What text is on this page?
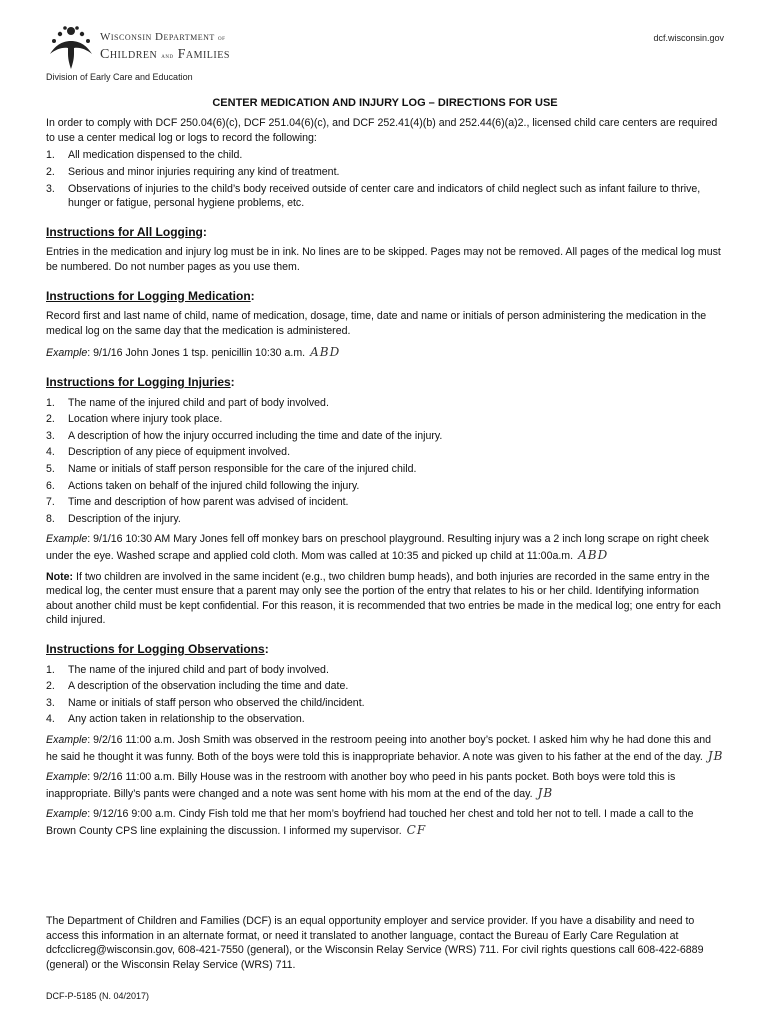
Wisconsin Department of
Children and Families
dcf.wisconsin.gov
Division of Early Care and Education
CENTER MEDICATION AND INJURY LOG – DIRECTIONS FOR USE

In order to comply with DCF 250.04(6)(c), DCF 251.04(6)(c), and DCF 252.41(4)(b) and 252.44(6)(a)2., licensed child care centers are required to use a center medical log or logs to record the following:

1. All medication dispensed to the child.
2. Serious and minor injuries requiring any kind of treatment.
3. Observations of injuries to the child’s body received outside of center care and indicators of child neglect such as infant failure to thrive, hunger or fatigue, personal hygiene problems, etc.
Instructions for All Logging:

Entries in the medication and injury log must be in ink. No lines are to be skipped. Pages may not be removed. All pages of the medical log must be numbered. Do not number pages as you use them.

Instructions for Logging Medication:

Record first and last name of child, name of medication, dosage, time, date and name or initials of person administering the medication in the medical log on the same day that the medication is administered.

Example: 9/1/16 John Jones 1 tsp. penicillin 10:30 a.m. ABD

Instructions for Logging Injuries:
1. The name of the injured child and part of body involved.
2. Location where injury took place.
3. A description of how the injury occurred including the time and date of the injury.
4. Description of any piece of equipment involved.
5. Name or initials of staff person responsible for the care of the injured child.
6. Actions taken on behalf of the injured child following the injury.
7. Time and description of how parent was advised of incident.
8. Description of the injury.

Example: 9/1/16 10:30 AM Mary Jones fell off monkey bars on preschool playground. Resulting injury was a 2 inch long scrape on right cheek under the eye. Washed scrape and applied cold cloth. Mom was called at 10:35 and picked up child at 11:00a.m. ABD

Note: If two children are involved in the same incident (e.g., two children bump heads), and both injuries are recorded in the same entry in the medical log, the center must ensure that a parent may only see the portion of the entry that relates to his or her child. Identifying information about another child must be kept confidential. For this reason, it is recommended that two entries be made in the medical log; one entry for each child injured.

Instructions for Logging Observations:
1. The name of the injured child and part of body involved.
2. A description of the observation including the time and date.
3. Name or initials of staff person who observed the child/incident.
4. Any action taken in relationship to the observation.

Example: 9/2/16 11:00 a.m. Josh Smith was observed in the restroom peeing into another boy’s pocket. I asked him why he had done this and he said he thought it was funny. Both of the boys were told this is inappropriate behavior. A note was given to his father at the end of the day. JB

Example: 9/2/16 11:00 a.m. Billy House was in the restroom with another boy who peed in his pants pocket. Both boys were told this is inappropriate. Billy’s pants were changed and a note was sent home with his mom at the end of the day. JB

Example: 9/12/16 9:00 a.m. Cindy Fish told me that her mom’s boyfriend had touched her chest and told her not to tell. I made a call to the Brown County CPS line explaining the discussion. I informed my supervisor. CF

The Department of Children and Families (DCF) is an equal opportunity employer and service provider. If you have a disability and need to access this information in an alternate format, or need it translated to another language, contact the Bureau of Early Care Regulation at dcfcclicreg@wisconsin.gov, 608-421-7550 (general), or the Wisconsin Relay Service (WRS) 711. For civil rights questions call 608-422-6889 (general) or the Wisconsin Relay Service (WRS) 711.

DCF-P-5185 (N. 04/2017)
